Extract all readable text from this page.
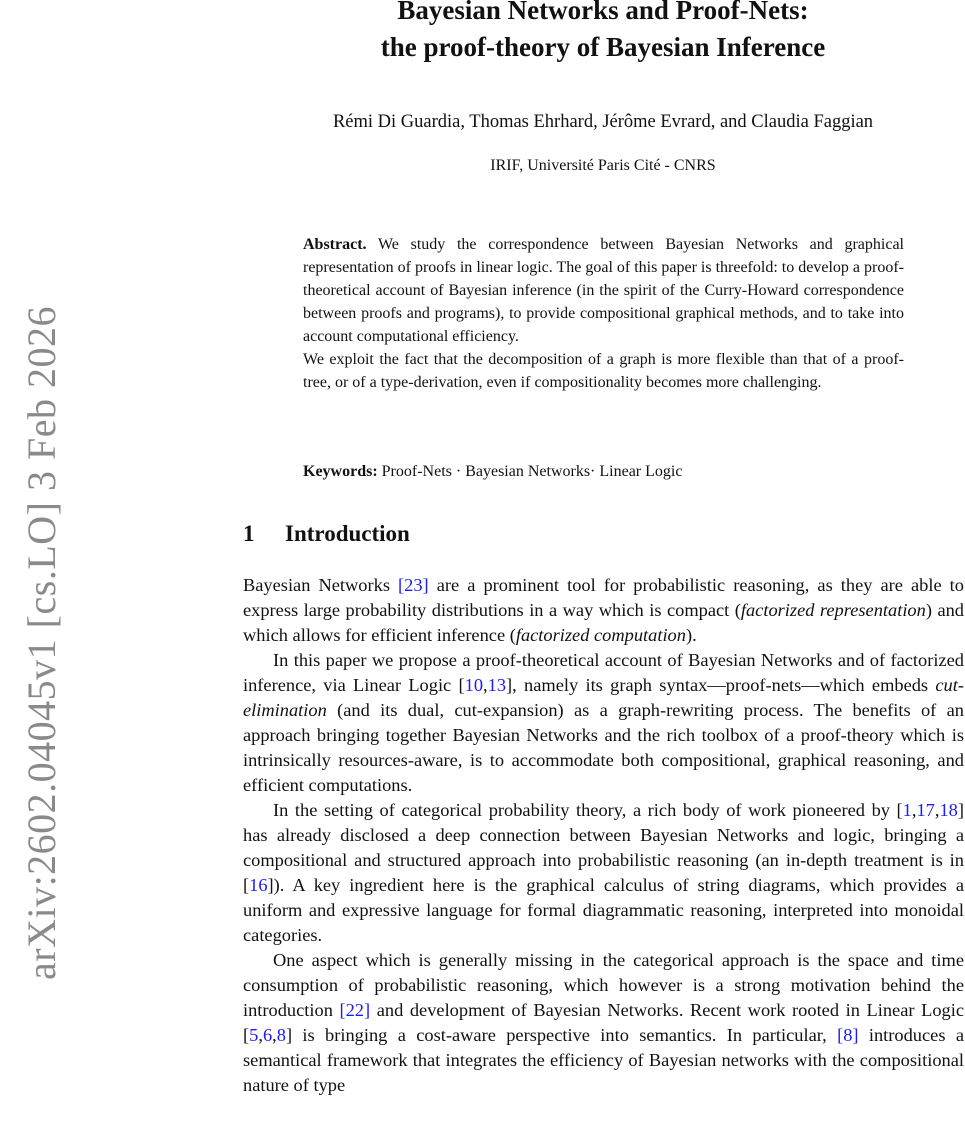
arXiv:2602.04045v1 [cs.LO] 3 Feb 2026
Bayesian Networks and Proof-Nets:
the proof-theory of Bayesian Inference
Rémi Di Guardia, Thomas Ehrhard, Jérôme Evrard, and Claudia Faggian
IRIF, Université Paris Cité - CNRS

Abstract. We study the correspondence between Bayesian Networks and graphical representation of proofs in linear logic. The goal of this paper is threefold: to develop a proof-theoretical account of Bayesian inference (in the spirit of the Curry-Howard correspondence between proofs and programs), to provide compositional graphical methods, and to take into account computational efficiency.

We exploit the fact that the decomposition of a graph is more flexible than that of a proof-tree, or of a type-derivation, even if compositionality becomes more challenging.

Keywords: Proof-Nets · Bayesian Networks· Linear Logic
1 Introduction

Bayesian Networks [23] are a prominent tool for probabilistic reasoning, as they are able to express large probability distributions in a way which is compact (factorized representation) and which allows for efficient inference (factorized computation).

In this paper we propose a proof-theoretical account of Bayesian Networks and of factorized inference, via Linear Logic [10,13], namely its graph syntax—proof-nets—which embeds cut-elimination (and its dual, cut-expansion) as a graph-rewriting process. The benefits of an approach bringing together Bayesian Networks and the rich toolbox of a proof-theory which is intrinsically resources-aware, is to accommodate both compositional, graphical reasoning, and efficient computations.

In the setting of categorical probability theory, a rich body of work pioneered by [1,17,18] has already disclosed a deep connection between Bayesian Networks and logic, bringing a compositional and structured approach into probabilistic reasoning (an in-depth treatment is in [16]). A key ingredient here is the graphical calculus of string diagrams, which provides a uniform and expressive language for formal diagrammatic reasoning, interpreted into monoidal categories.

One aspect which is generally missing in the categorical approach is the space and time consumption of probabilistic reasoning, which however is a strong motivation behind the introduction [22] and development of Bayesian Networks. Recent work rooted in Linear Logic [5,6,8] is bringing a cost-aware perspective into semantics. In particular, [8] introduces a semantical framework that integrates the efficiency of Bayesian networks with the compositional nature of type
